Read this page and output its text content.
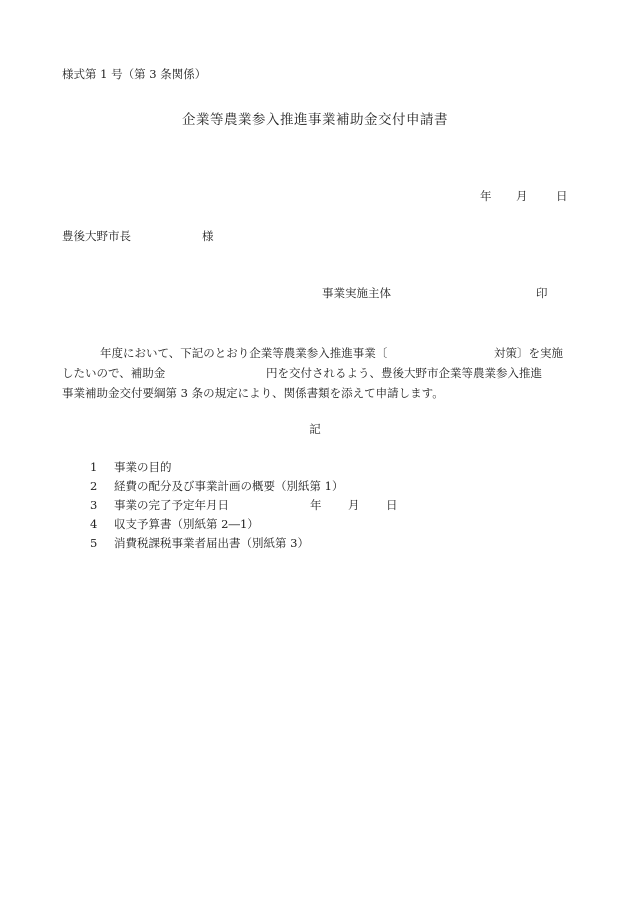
様式第 1 号（第 3 条関係）
企業等農業参入推進事業補助金交付申請書
年 月 日
豊後大野市長	様
事業実施主体	印
年度において、下記のとおり企業等農業参入推進事業〔	対策〕を実施
したいので、補助金	円を交付されるよう、豊後大野市企業等農業参入推進
事業補助金交付要綱第 3 条の規定により、関係書類を添えて申請します。
記
1 事業の目的
2 経費の配分及び事業計画の概要（別紙第 1）
3 事業の完了予定年月日	年 月 日
4 収支予算書（別紙第 2―1）
5 消費税課税事業者届出書（別紙第 3）
